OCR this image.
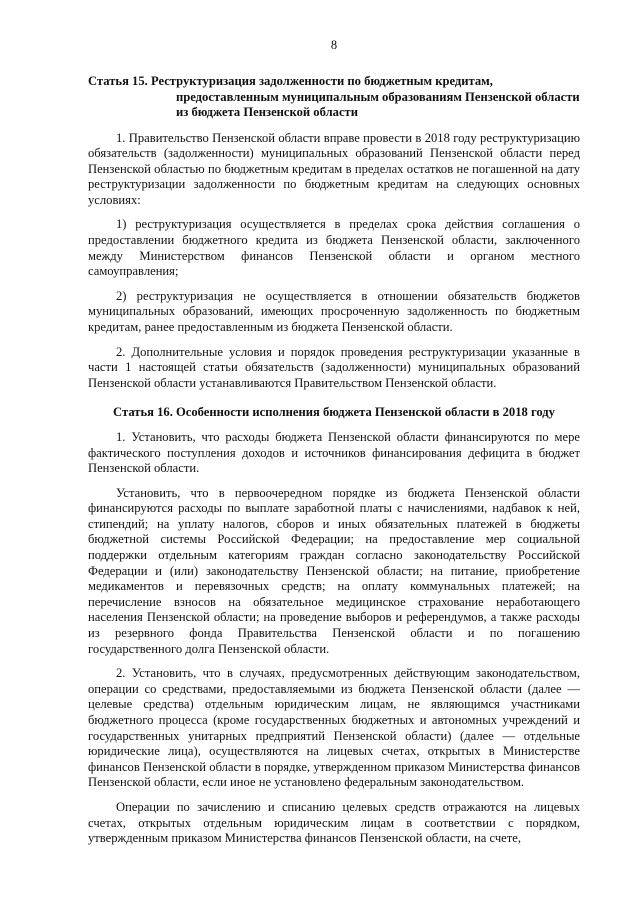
8
Статья 15. Реструктуризация задолженности по бюджетным кредитам, предоставленным муниципальным образованиям Пензенской области из бюджета Пензенской области

1. Правительство Пензенской области вправе провести в 2018 году реструктуризацию обязательств (задолженности) муниципальных образований Пензенской области перед Пензенской областью по бюджетным кредитам в пределах остатков не погашенной на дату реструктуризации задолженности по бюджетным кредитам на следующих основных условиях:

1) реструктуризация осуществляется в пределах срока действия соглашения о предоставлении бюджетного кредита из бюджета Пензенской области, заключенного между Министерством финансов Пензенской области и органом местного самоуправления;

2) реструктуризация не осуществляется в отношении обязательств бюджетов муниципальных образований, имеющих просроченную задолженность по бюджетным кредитам, ранее предоставленным из бюджета Пензенской области.

2. Дополнительные условия и порядок проведения реструктуризации указанные в части 1 настоящей статьи обязательств (задолженности) муниципальных образований Пензенской области устанавливаются Правительством Пензенской области.

Статья 16. Особенности исполнения бюджета Пензенской области в 2018 году

1. Установить, что расходы бюджета Пензенской области финансируются по мере фактического поступления доходов и источников финансирования дефицита в бюджет Пензенской области.

Установить, что в первоочередном порядке из бюджета Пензенской области финансируются расходы по выплате заработной платы с начислениями, надбавок к ней, стипендий; на уплату налогов, сборов и иных обязательных платежей в бюджеты бюджетной системы Российской Федерации; на предоставление мер социальной поддержки отдельным категориям граждан согласно законодательству Российской Федерации и (или) законодательству Пензенской области; на питание, приобретение медикаментов и перевязочных средств; на оплату коммунальных платежей; на перечисление взносов на обязательное медицинское страхование неработающего населения Пензенской области; на проведение выборов и референдумов, а также расходы из резервного фонда Правительства Пензенской области и по погашению государственного долга Пензенской области.

2. Установить, что в случаях, предусмотренных действующим законодательством, операции со средствами, предоставляемыми из бюджета Пензенской области (далее — целевые средства) отдельным юридическим лицам, не являющимся участниками бюджетного процесса (кроме государственных бюджетных и автономных учреждений и государственных унитарных предприятий Пензенской области) (далее — отдельные юридические лица), осуществляются на лицевых счетах, открытых в Министерстве финансов Пензенской области в порядке, утвержденном приказом Министерства финансов Пензенской области, если иное не установлено федеральным законодательством.

Операции по зачислению и списанию целевых средств отражаются на лицевых счетах, открытых отдельным юридическим лицам в соответствии с порядком, утвержденным приказом Министерства финансов Пензенской области, на счете,
